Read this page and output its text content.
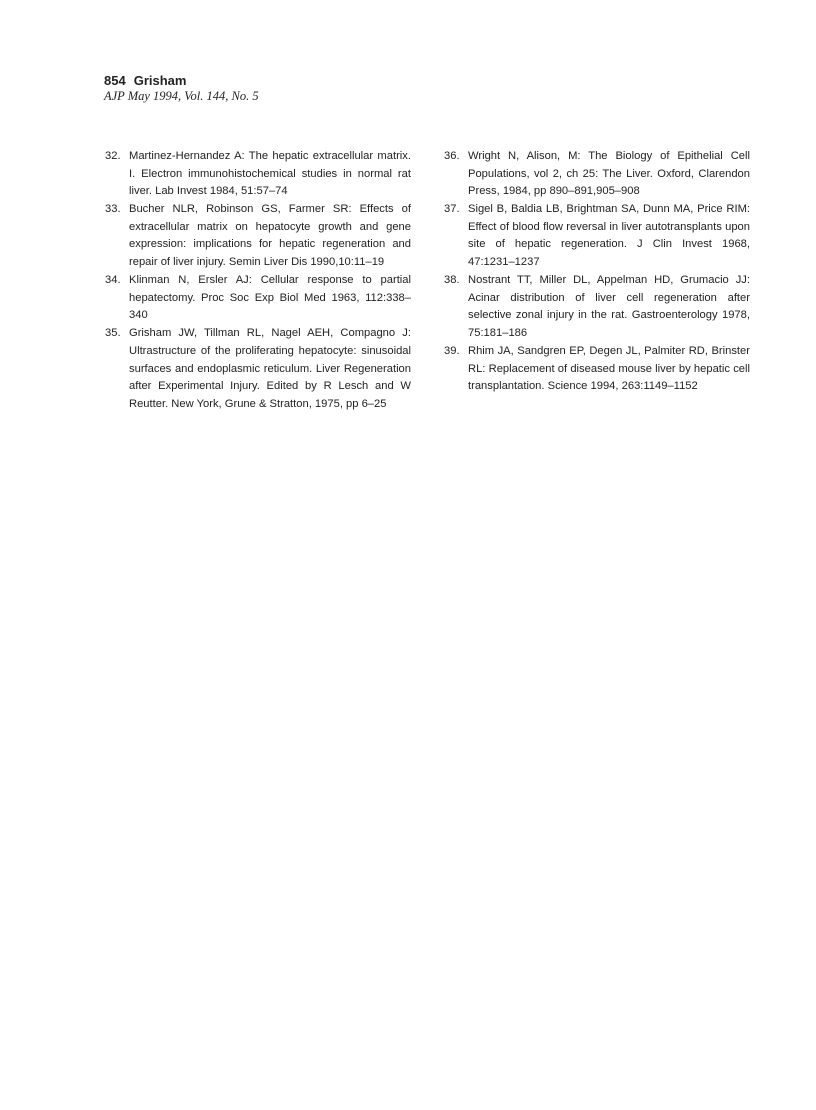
854 Grisham
AJP May 1994, Vol. 144, No. 5
32. Martinez-Hernandez A: The hepatic extracellular matrix. I. Electron immunohistochemical studies in normal rat liver. Lab Invest 1984, 51:57–74
33. Bucher NLR, Robinson GS, Farmer SR: Effects of extracellular matrix on hepatocyte growth and gene expression: implications for hepatic regeneration and repair of liver injury. Semin Liver Dis 1990,10:11–19
34. Klinman N, Ersler AJ: Cellular response to partial hepatectomy. Proc Soc Exp Biol Med 1963, 112:338–340
35. Grisham JW, Tillman RL, Nagel AEH, Compagno J: Ultrastructure of the proliferating hepatocyte: sinusoidal surfaces and endoplasmic reticulum. Liver Regeneration after Experimental Injury. Edited by R Lesch and W Reutter. New York, Grune & Stratton, 1975, pp 6–25
36. Wright N, Alison, M: The Biology of Epithelial Cell Populations, vol 2, ch 25: The Liver. Oxford, Clarendon Press, 1984, pp 890–891,905–908
37. Sigel B, Baldia LB, Brightman SA, Dunn MA, Price RIM: Effect of blood flow reversal in liver autotransplants upon site of hepatic regeneration. J Clin Invest 1968, 47:1231–1237
38. Nostrant TT, Miller DL, Appelman HD, Grumacio JJ: Acinar distribution of liver cell regeneration after selective zonal injury in the rat. Gastroenterology 1978, 75:181–186
39. Rhim JA, Sandgren EP, Degen JL, Palmiter RD, Brinster RL: Replacement of diseased mouse liver by hepatic cell transplantation. Science 1994, 263:1149–1152
